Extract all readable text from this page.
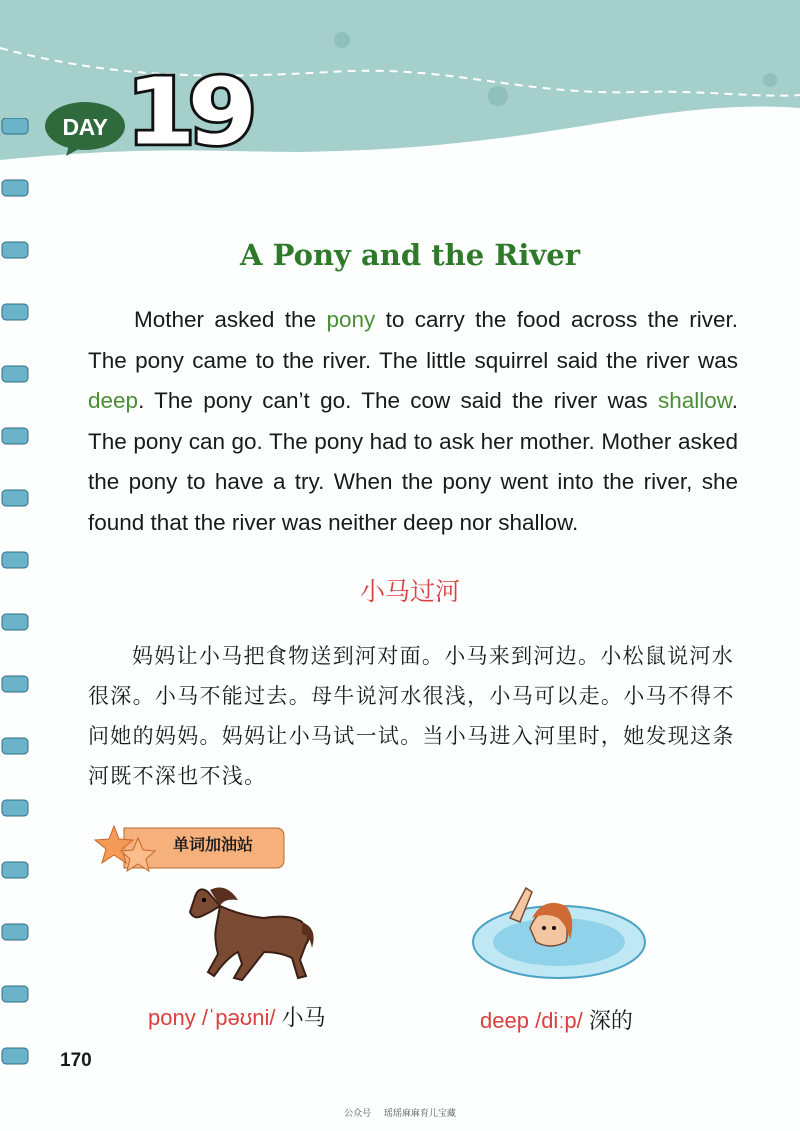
DAY 19
A Pony and the River

Mother asked the pony to carry the food across the river. The pony came to the river. The little squirrel said the river was deep. The pony can’t go. The cow said the river was shallow. The pony can go. The pony had to ask her mother. Mother asked the pony to have a try. When the pony went into the river, she found that the river was neither deep nor shallow.

小马过河

妈妈让小马把食物送到河对面。小马来到河边。小松鼠说河水很深。小马不能过去。母牛说河水很浅，小马可以走。小马不得不问她的妈妈。妈妈让小马试一试。当小马进入河里时，她发现这条河既不深也不浅。

单词加油站
pony /ˈpəʊni/ 小马	deep /diːp/ 深的
170
公众号 瑶瑶麻麻育儿宝藏
